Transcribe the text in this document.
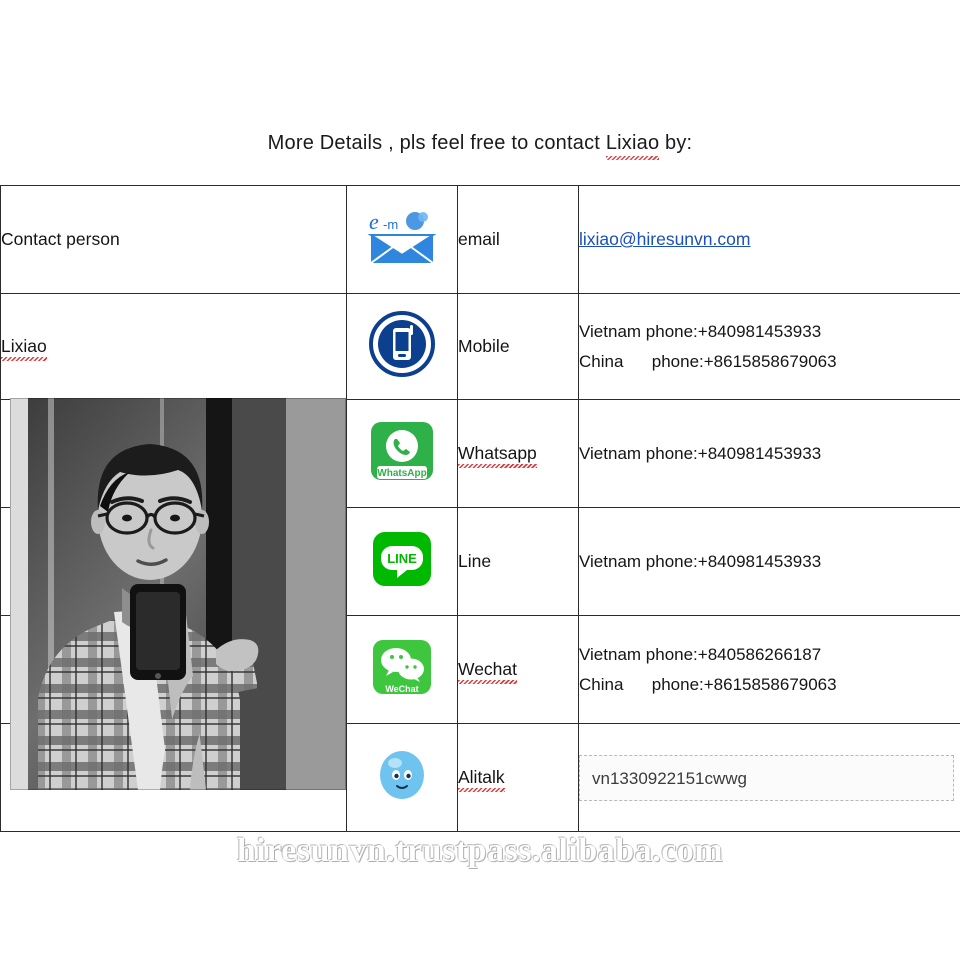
More Details , pls feel free to contact Lixiao by:
Contact person	e -m	email	lixiao@hiresunvn.com
Lixiao		Mobile	Vietnam phone:+840981453933
China      phone:+8615858679063

WhatsApp	Whatsapp	Vietnam phone:+840981453933

LINE	Line	Vietnam phone:+840981453933

WeChat	Wechat	Vietnam phone:+840586266187
China      phone:+8615858679063

		Alitalk	vn1330922151cwwg
hiresunvn.trustpass.alibaba.com
